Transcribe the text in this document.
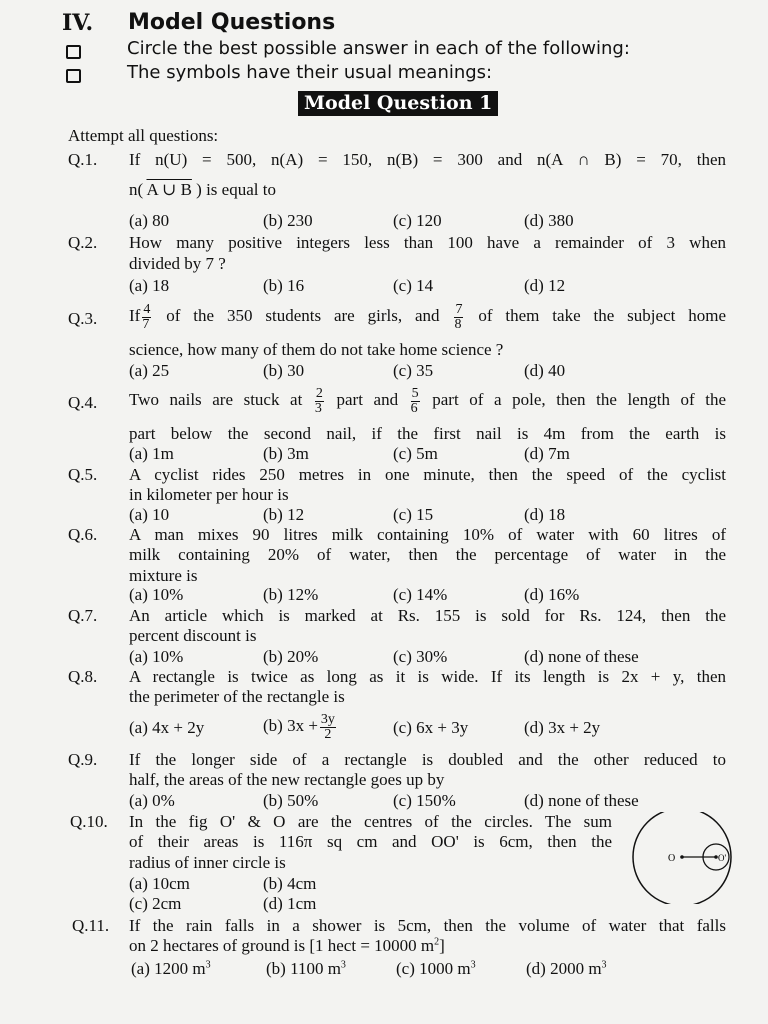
IV. Model Questions
Circle the best possible answer in each of the following:
The symbols have their usual meanings:
Model Question 1
Attempt all questions:
Q.1. If n(U) = 500, n(A) = 150, n(B) = 300 and n(A ∩ B) = 70, then
n( A ∪ B ) is equal to
(a) 80	(b) 230	(c) 120	(d) 380
Q.2. How many positive integers less than 100 have a remainder of 3 when
divided by 7 ?
(a) 18	(b) 16	(c) 14	(d) 12
Q.3. If $\frac{4}{7}$ of the 350 students are girls, and $\frac{7}{8}$ of them take the subject home
science, how many of them do not take home science ?
(a) 25	(b) 30	(c) 35	(d) 40
Q.4. Two nails are stuck at $\frac{2}{3}$ part and $\frac{5}{6}$ part of a pole, then the length of the
part below the second nail, if the first nail is 4m from the earth is
(a) 1m	(b) 3m	(c) 5m	(d) 7m
Q.5. A cyclist rides 250 metres in one minute, then the speed of the cyclist
in kilometer per hour is
(a) 10	(b) 12	(c) 15	(d) 18
Q.6. A man mixes 90 litres milk containing 10% of water with 60 litres of
milk containing 20% of water, then the percentage of water in the
mixture is
(a) 10%	(b) 12%	(c) 14%	(d) 16%
Q.7. An article which is marked at Rs. 155 is sold for Rs. 124, then the
percent discount is
(a) 10%	(b) 20%	(c) 30%	(d) none of these
Q.8. A rectangle is twice as long as it is wide. If its length is 2x + y, then
the perimeter of the rectangle is
(a) 4x + 2y	(b) $3x + \frac{3y}{2}$	(c) 6x + 3y	(d) 3x + 2y
Q.9. If the longer side of a rectangle is doubled and the other reduced to
half, the areas of the new rectangle goes up by
(a) 0%	(b) 50%	(c) 150%	(d) none of these
Q.10. In the fig O' & O are the centres of the circles. The sum
of their areas is 116π sq cm and OO' is 6cm, then the
radius of inner circle is
(a) 10cm	(b) 4cm
(c) 2cm	(d) 1cm
O	O'
Q.11. If the rain falls in a shower is 5cm, then the volume of water that falls
on 2 hectares of ground is [1 hect = 10000 $m^2$]
(a) 1200 $m^3$	(b) 1100 $m^3$	(c) 1000 $m^3$	(d) 2000 $m^3$
